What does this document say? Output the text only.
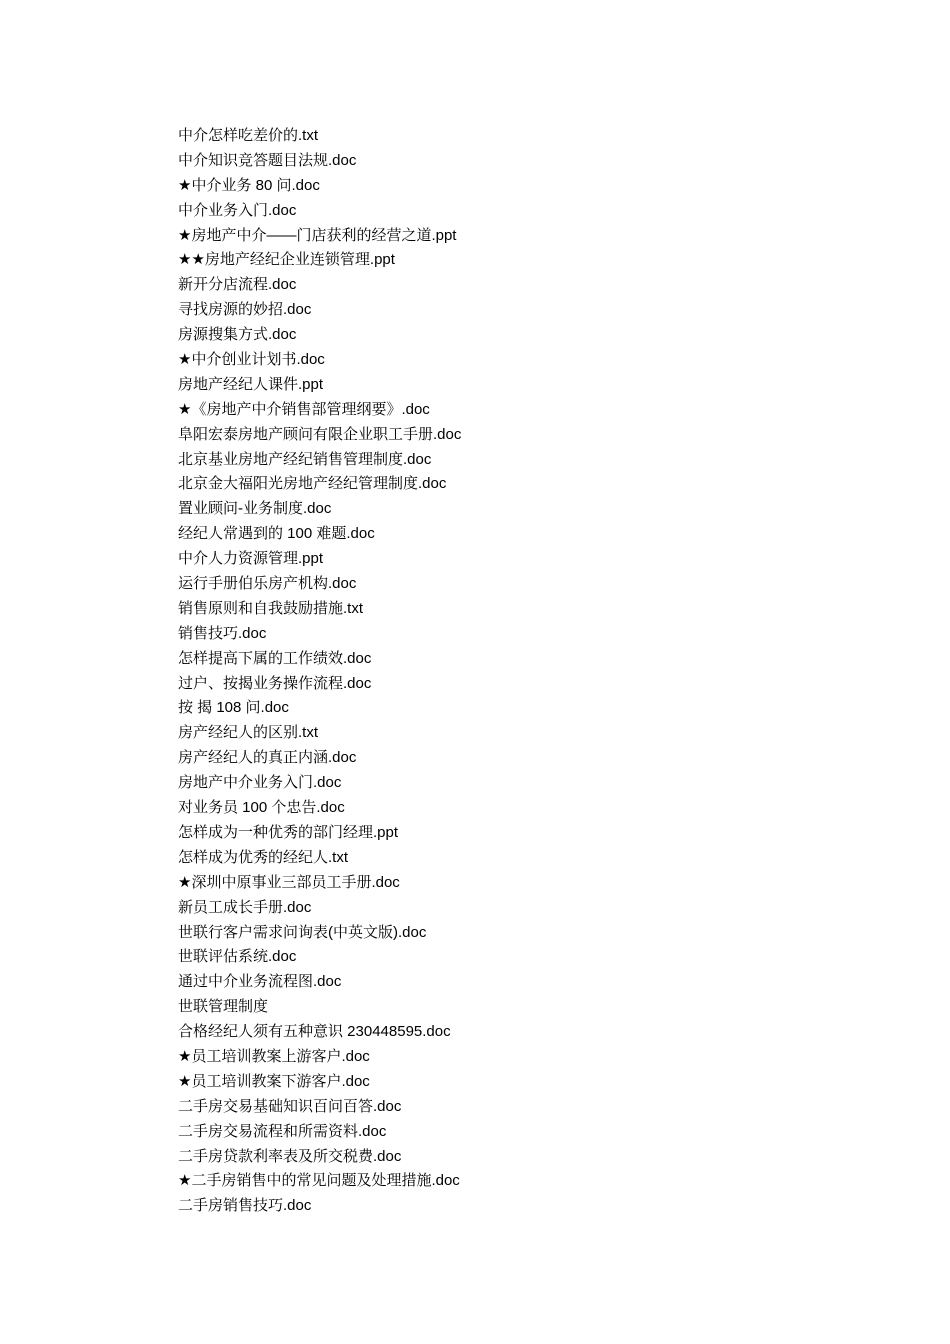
中介怎样吃差价的.txt
中介知识竞答题目法规.doc
★中介业务 80 问.doc
中介业务入门.doc
★房地产中介——门店获利的经营之道.ppt
★★房地产经纪企业连锁管理.ppt
新开分店流程.doc
寻找房源的妙招.doc
房源搜集方式.doc
★中介创业计划书.doc
房地产经纪人课件.ppt
★《房地产中介销售部管理纲要》.doc
阜阳宏泰房地产顾问有限企业职工手册.doc
北京基业房地产经纪销售管理制度.doc
北京金大福阳光房地产经纪管理制度.doc
置业顾问-业务制度.doc
经纪人常遇到的 100 难题.doc
中介人力资源管理.ppt
运行手册伯乐房产机构.doc
销售原则和自我鼓励措施.txt
销售技巧.doc
怎样提高下属的工作绩效.doc
过户、按揭业务操作流程.doc
按 揭 108 问.doc
房产经纪人的区别.txt
房产经纪人的真正内涵.doc
房地产中介业务入门.doc
对业务员 100 个忠告.doc
怎样成为一种优秀的部门经理.ppt
怎样成为优秀的经纪人.txt
★深圳中原事业三部员工手册.doc
新员工成长手册.doc
世联行客户需求问询表(中英文版).doc
世联评估系统.doc
通过中介业务流程图.doc
世联管理制度
合格经纪人须有五种意识 230448595.doc
★员工培训教案上游客户.doc
★员工培训教案下游客户.doc
二手房交易基础知识百问百答.doc
二手房交易流程和所需资料.doc
二手房贷款利率表及所交税费.doc
★二手房销售中的常见问题及处理措施.doc
二手房销售技巧.doc
